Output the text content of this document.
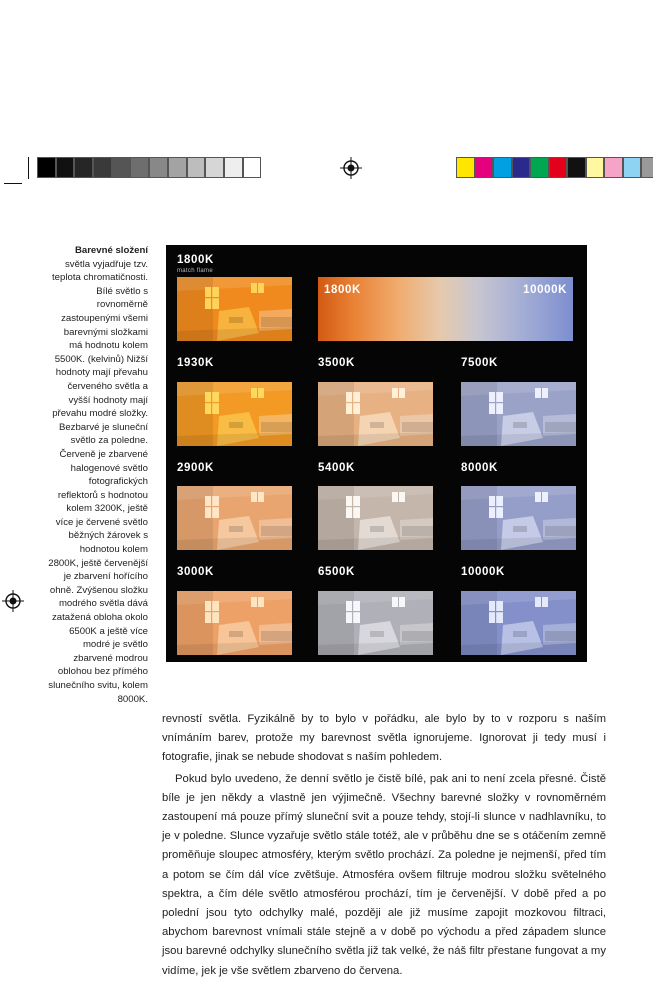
Barevné složení světla vyjadřuje tzv. teplota chromatičnosti. Bílé světlo s rovnoměrně zastoupenými všemi barevnými složkami má hodnotu kolem 5500K. (kelvinů) Nižší hodnoty mají převahu červeného světla a vyšší hodnoty mají převahu modré složky. Bezbarvé je sluneční světlo za poledne. Červeně je zbarvené halogenové světlo fotografických reflektorů s hodnotou kolem 3200K, ještě více je červené světlo běžných žárovek s hodnotou kolem 2800K, ještě červenější je zbarvení hořícího ohně. Zvýšenou složku modrého světla dává zatažená obloha okolo 6500K a ještě více modré je světlo zbarvené modrou oblohou bez přímého slunečního svitu, kolem 8000K.
1800K
match flame
1800K	10000K
1930K	3500K	7500K
2900K	5400K	8000K
3000K	6500K	10000K

revností světla. Fyzikálně by to bylo v pořádku, ale bylo by to v rozporu s naším vnímáním barev, protože my barevnost světla ignorujeme. Ignorovat ji tedy musí i fotografie, jinak se nebude shodovat s naším pohledem.

Pokud bylo uvedeno, že denní světlo je čistě bílé, pak ani to není zcela přesné. Čistě bíle je jen někdy a vlastně jen výjimečně. Všechny barevné složky v rovnoměrném zastoupení má pouze přímý sluneční svit a pouze tehdy, stojí-li slunce v nadhlavníku, to je v poledne. Slunce vyzařuje světlo stále totéž, ale v průběhu dne se s otáčením zemně proměňuje sloupec atmosféry, kterým světlo prochází. Za poledne je nejmenší, před tím a potom se čím dál více zvětšuje. Atmosféra ovšem filtruje modrou složku světelného spektra, a čím déle světlo atmosférou prochází, tím je červenější. V době před a po polední jsou tyto odchylky malé, později ale již musíme zapojit mozkovou filtraci, abychom barevnost vnímali stále stejně a v době po východu a před západem slunce jsou barevné odchylky slunečního světla již tak velké, že náš filtr přestane fungovat a my vidíme, jek je vše světlem zbarveno do červena.
